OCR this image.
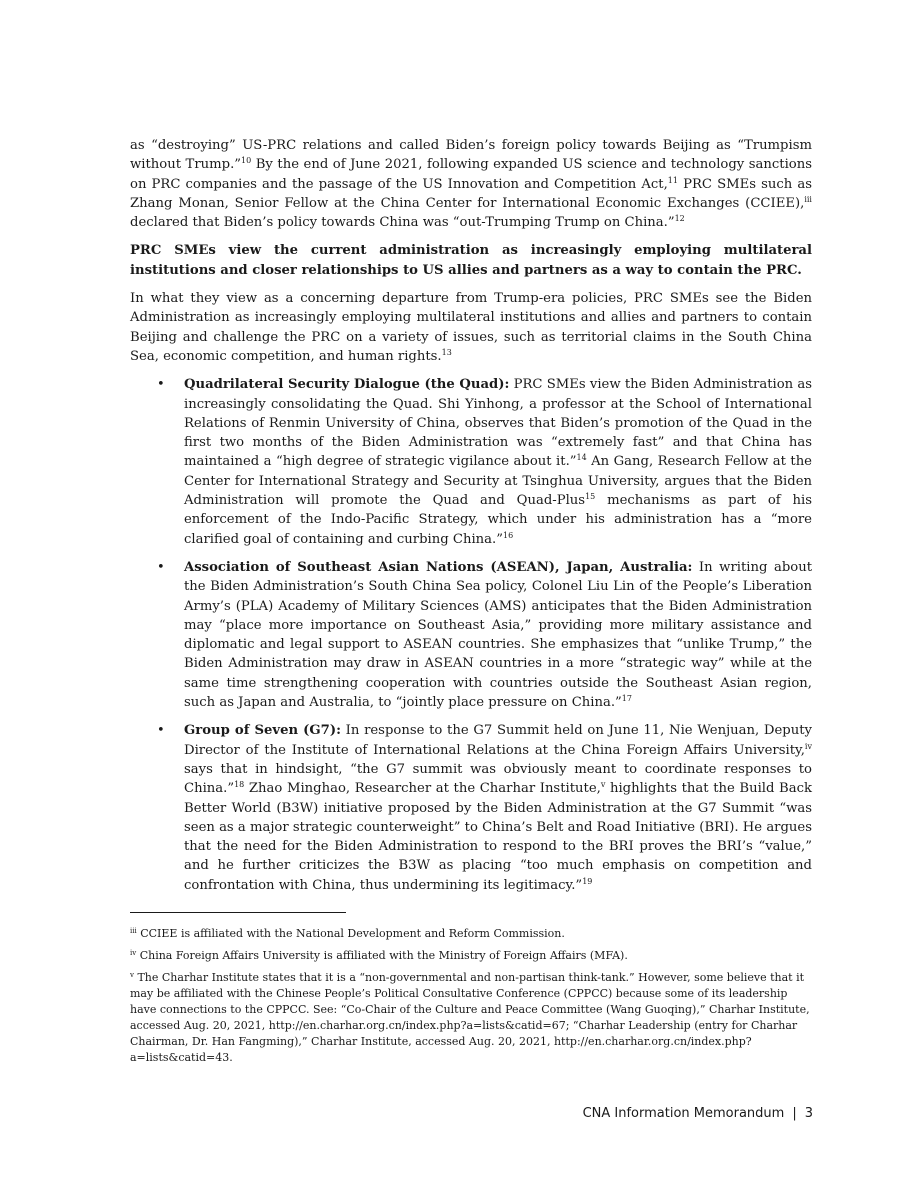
as “destroying” US-PRC relations and called Biden’s foreign policy towards Beijing as “Trumpism without Trump.”$^{10}$ By the end of June 2021, following expanded US science and technology sanctions on PRC companies and the passage of the US Innovation and Competition Act,$^{11}$ PRC SMEs such as Zhang Monan, Senior Fellow at the China Center for International Economic Exchanges (CCIEE),$^{iii}$ declared that Biden’s policy towards China was “out-Trumping Trump on China.”$^{12}$

PRC SMEs view the current administration as increasingly employing multilateral institutions and closer relationships to US allies and partners as a way to contain the PRC.

In what they view as a concerning departure from Trump-era policies, PRC SMEs see the Biden Administration as increasingly employing multilateral institutions and allies and partners to contain Beijing and challenge the PRC on a variety of issues, such as territorial claims in the South China Sea, economic competition, and human rights.$^{13}$

• Quadrilateral Security Dialogue (the Quad): PRC SMEs view the Biden Administration as increasingly consolidating the Quad. Shi Yinhong, a professor at the School of International Relations of Renmin University of China, observes that Biden’s promotion of the Quad in the first two months of the Biden Administration was “extremely fast” and that China has maintained a “high degree of strategic vigilance about it.”$^{14}$ An Gang, Research Fellow at the Center for International Strategy and Security at Tsinghua University, argues that the Biden Administration will promote the Quad and Quad-Plus$^{15}$ mechanisms as part of his enforcement of the Indo-Pacific Strategy, which under his administration has a “more clarified goal of containing and curbing China.”$^{16}$
• Association of Southeast Asian Nations (ASEAN), Japan, Australia: In writing about the Biden Administration’s South China Sea policy, Colonel Liu Lin of the People’s Liberation Army’s (PLA) Academy of Military Sciences (AMS) anticipates that the Biden Administration may “place more importance on Southeast Asia,” providing more military assistance and diplomatic and legal support to ASEAN countries. She emphasizes that “unlike Trump,” the Biden Administration may draw in ASEAN countries in a more “strategic way” while at the same time strengthening cooperation with countries outside the Southeast Asian region, such as Japan and Australia, to “jointly place pressure on China.”$^{17}$
• Group of Seven (G7): In response to the G7 Summit held on June 11, Nie Wenjuan, Deputy Director of the Institute of International Relations at the China Foreign Affairs University,$^{iv}$ says that in hindsight, “the G7 summit was obviously meant to coordinate responses to China.”$^{18}$ Zhao Minghao, Researcher at the Charhar Institute,$^v$ highlights that the Build Back Better World (B3W) initiative proposed by the Biden Administration at the G7 Summit “was seen as a major strategic counterweight” to China’s Belt and Road Initiative (BRI). He argues that the need for the Biden Administration to respond to the BRI proves the BRI’s “value,” and he further criticizes the B3W as placing “too much emphasis on competition and confrontation with China, thus undermining its legitimacy.”$^{19}$

$^{iii}$ CCIEE is affiliated with the National Development and Reform Commission.

$^{iv}$ China Foreign Affairs University is affiliated with the Ministry of Foreign Affairs (MFA).

$^v$ The Charhar Institute states that it is a “non-governmental and non-partisan think-tank.” However, some believe that it may be affiliated with the Chinese People’s Political Consultative Conference (CPPCC) because some of its leadership have connections to the CPPCC. See: “Co-Chair of the Culture and Peace Committee (Wang Guoqing),” Charhar Institute, accessed Aug. 20, 2021, http://en.charhar.org.cn/index.php?a=lists&catid=67; “Charhar Leadership (entry for Charhar Chairman, Dr. Han Fangming),” Charhar Institute, accessed Aug. 20, 2021, http://en.charhar.org.cn/index.php?a=lists&catid=43.

CNA Information Memorandum | 3
